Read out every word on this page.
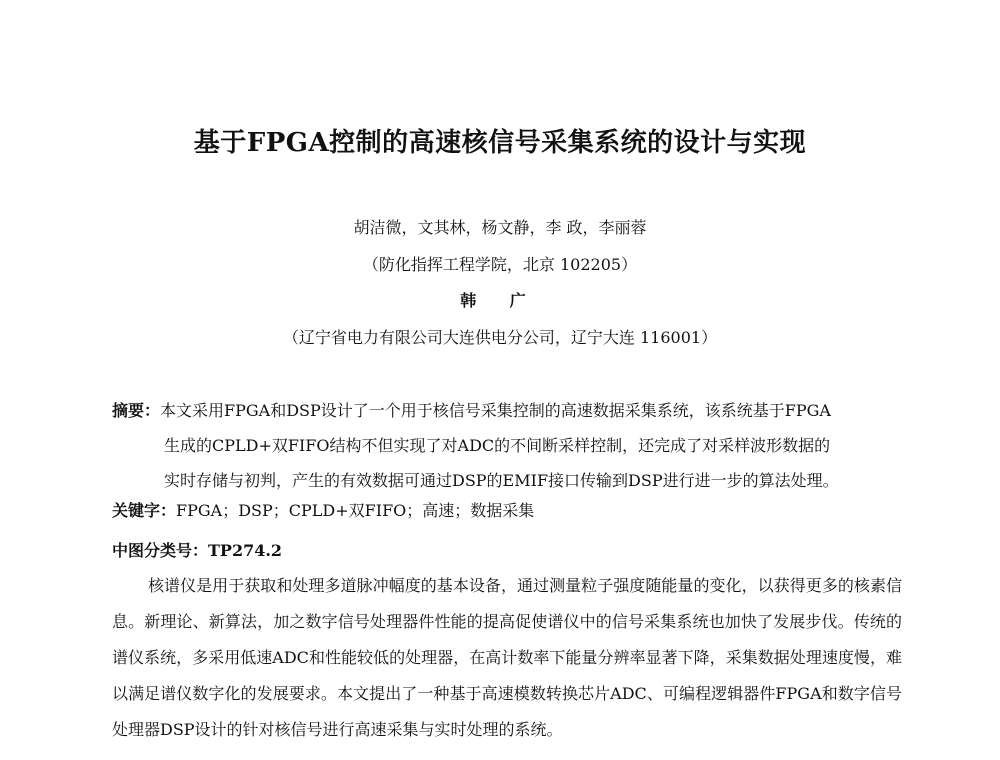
基于FPGA控制的高速核信号采集系统的设计与实现
胡洁微，文其林，杨文静，李 政，李丽蓉
（防化指挥工程学院，北京 102205）
韩 广
（辽宁省电力有限公司大连供电分公司，辽宁大连 116001）
摘要：本文采用FPGA和DSP设计了一个用于核信号采集控制的高速数据采集系统，该系统基于FPGA
生成的CPLD+双FIFO结构不但实现了对ADC的不间断采样控制，还完成了对采样波形数据的
实时存储与初判，产生的有效数据可通过DSP的EMIF接口传输到DSP进行进一步的算法处理。
关键字：FPGA；DSP；CPLD+双FIFO；高速；数据采集
中图分类号：TP274.2

核谱仪是用于获取和处理多道脉冲幅度的基本设备，通过测量粒子强度随能量的变化，以获得更多的核素信息。新理论、新算法，加之数字信号处理器件性能的提高促使谱仪中的信号采集系统也加快了发展步伐。传统的谱仪系统，多采用低速ADC和性能较低的处理器，在高计数率下能量分辨率显著下降，采集数据处理速度慢，难以满足谱仪数字化的发展要求。本文提出了一种基于高速模数转换芯片ADC、可编程逻辑器件FPGA和数字信号处理器DSP设计的针对核信号进行高速采集与实时处理的系统。
